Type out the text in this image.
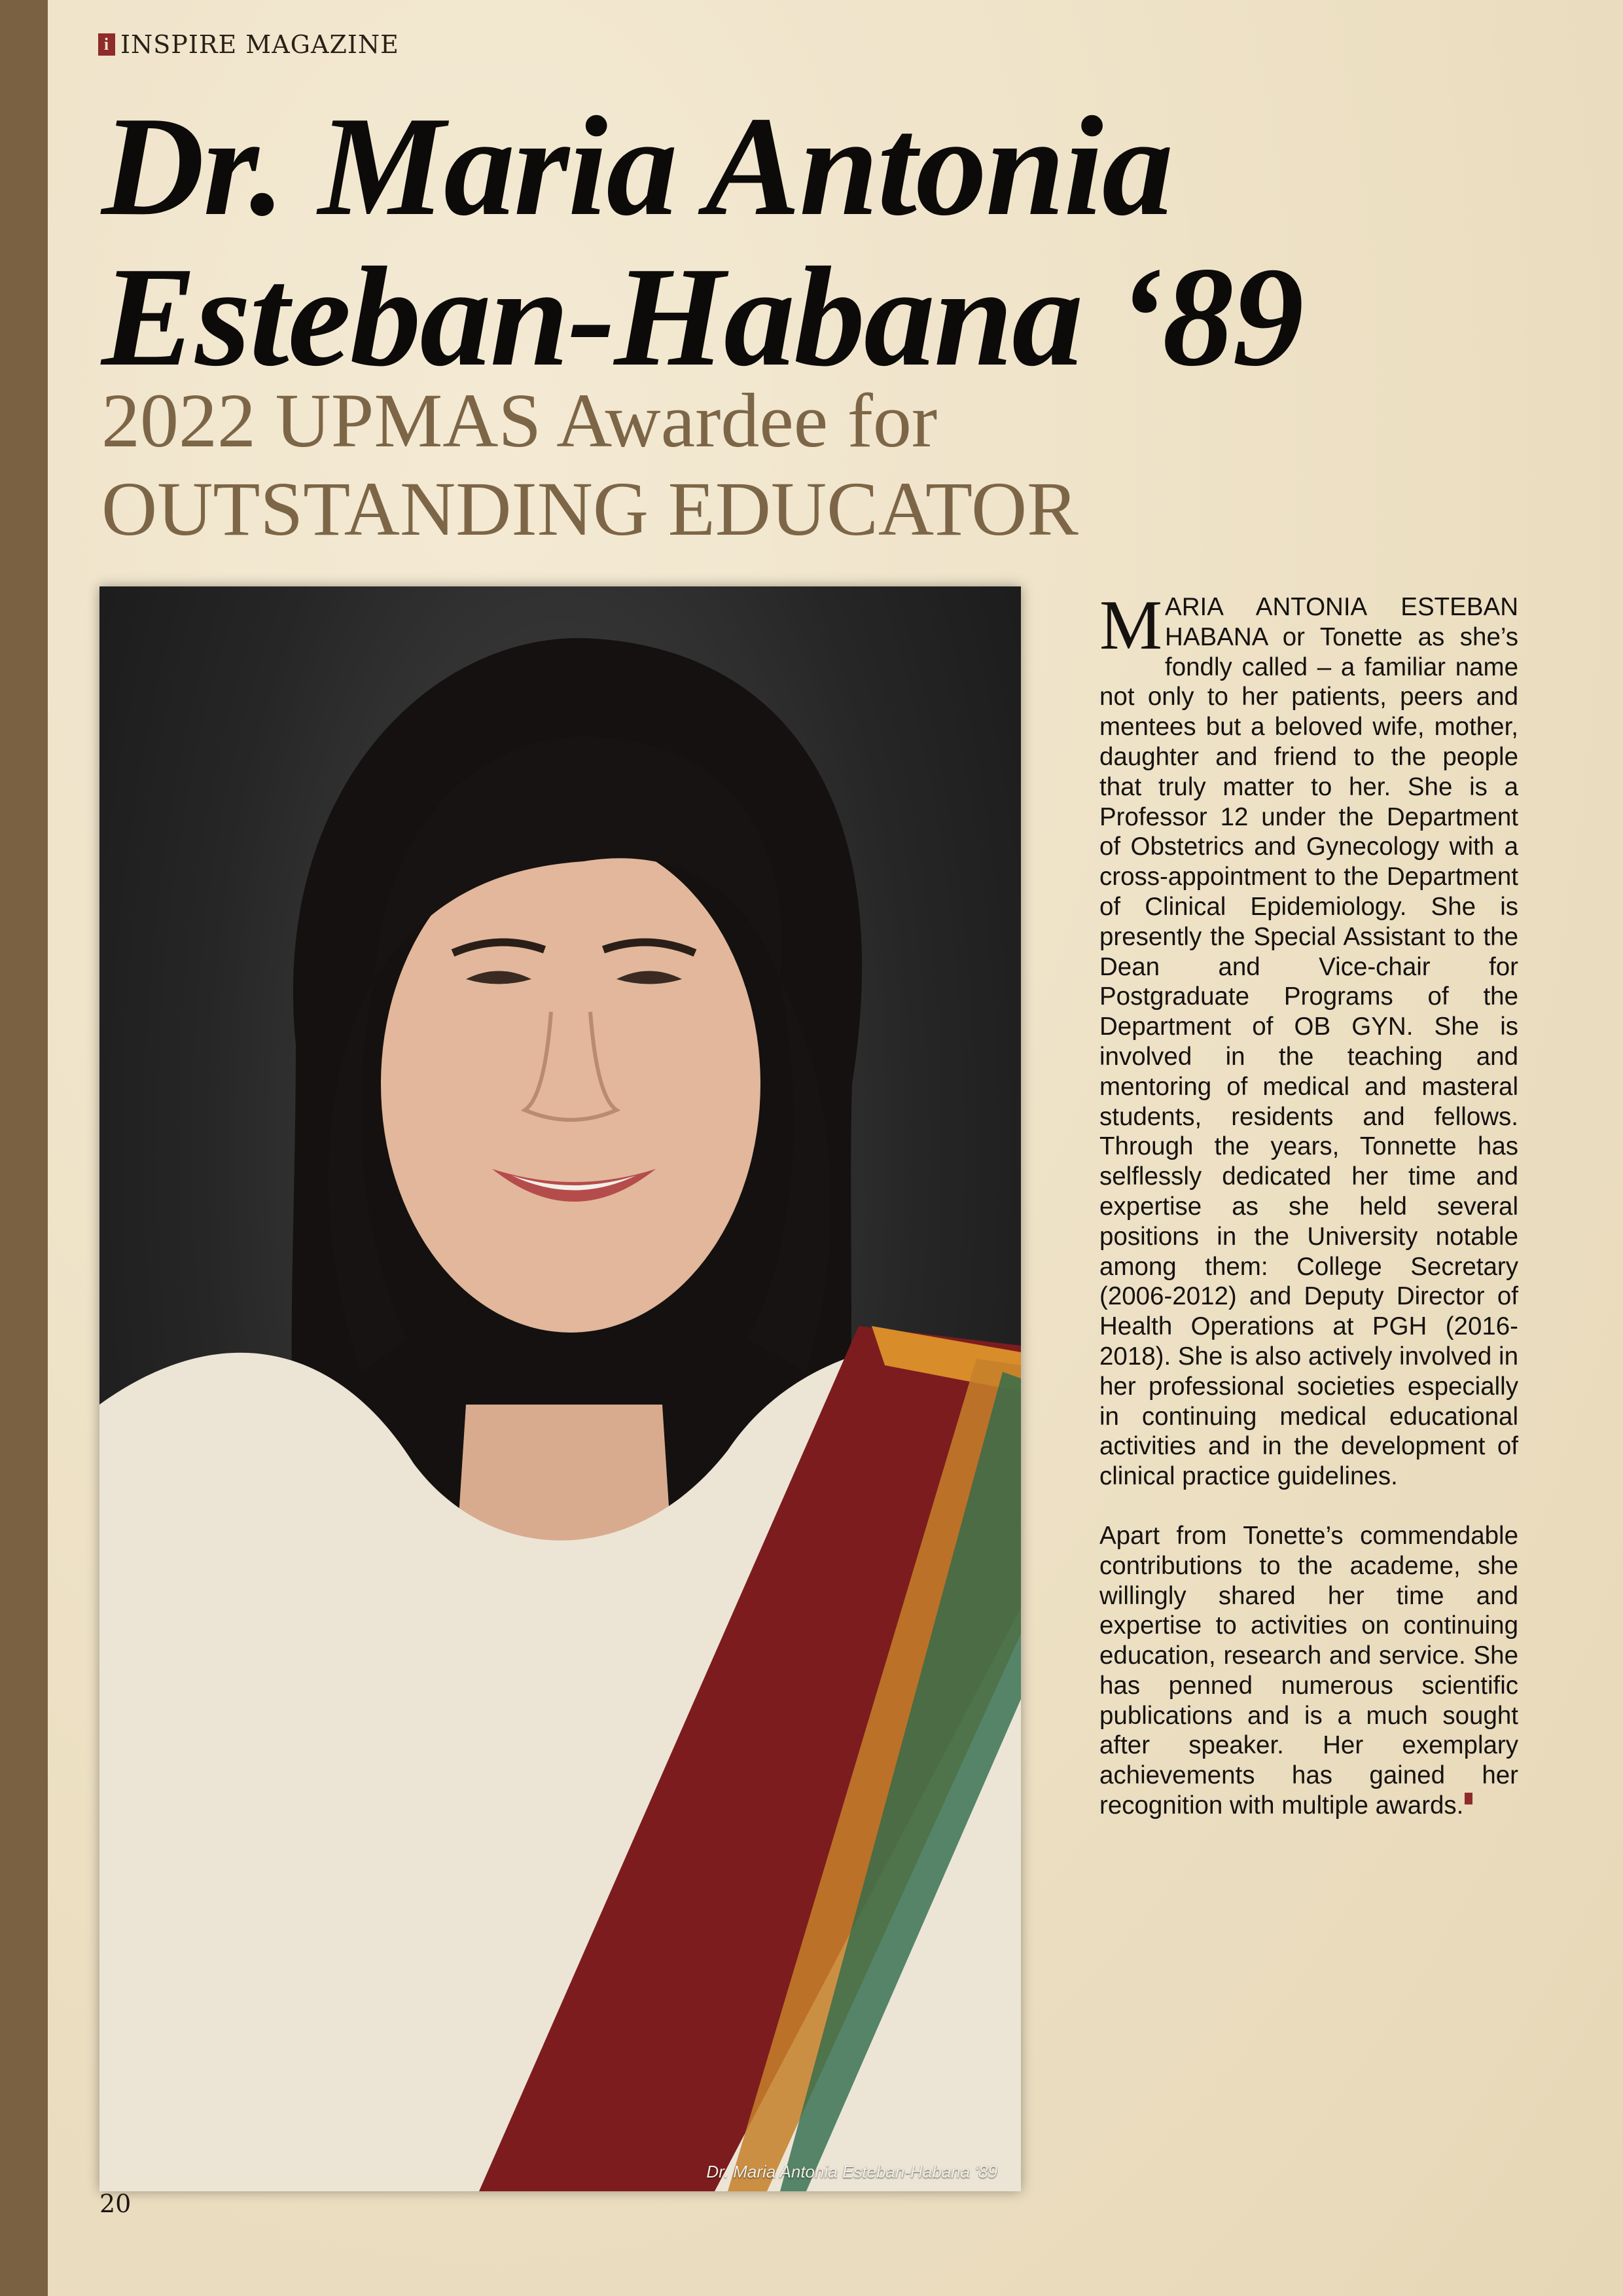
i INSPIRE MAGAZINE
Dr. Maria Antonia
Esteban-Habana ‘89
2022 UPMAS Awardee for
OUTSTANDING EDUCATOR
Dr. Maria Antonia Esteban-Habana ‘89

MARIA ANTONIA ESTEBAN HABANA or Tonette as she’s fondly called – a familiar name not only to her patients, peers and mentees but a beloved wife, mother, daughter and friend to the people that truly matter to her. She is a Professor 12 under the Department of Obstetrics and Gynecology with a cross-appointment to the Department of Clinical Epidemiology. She is presently the Special Assistant to the Dean and Vice-chair for Postgraduate Programs of the Department of OB GYN. She is involved in the teaching and mentoring of medical and masteral students, residents and fellows. Through the years, Tonnette has selflessly dedicated her time and expertise as she held several positions in the University notable among them: College Secretary (2006-2012) and Deputy Director of Health Operations at PGH (2016-2018). She is also actively involved in her professional societies especially in continuing medical educational activities and in the development of clinical practice guidelines.

Apart from Tonette’s commendable contributions to the academe, she willingly shared her time and expertise to activities on continuing education, research and service. She has penned numerous scientific publications and is a much sought after speaker. Her exemplary achievements has gained her recognition with multiple awards.

20
